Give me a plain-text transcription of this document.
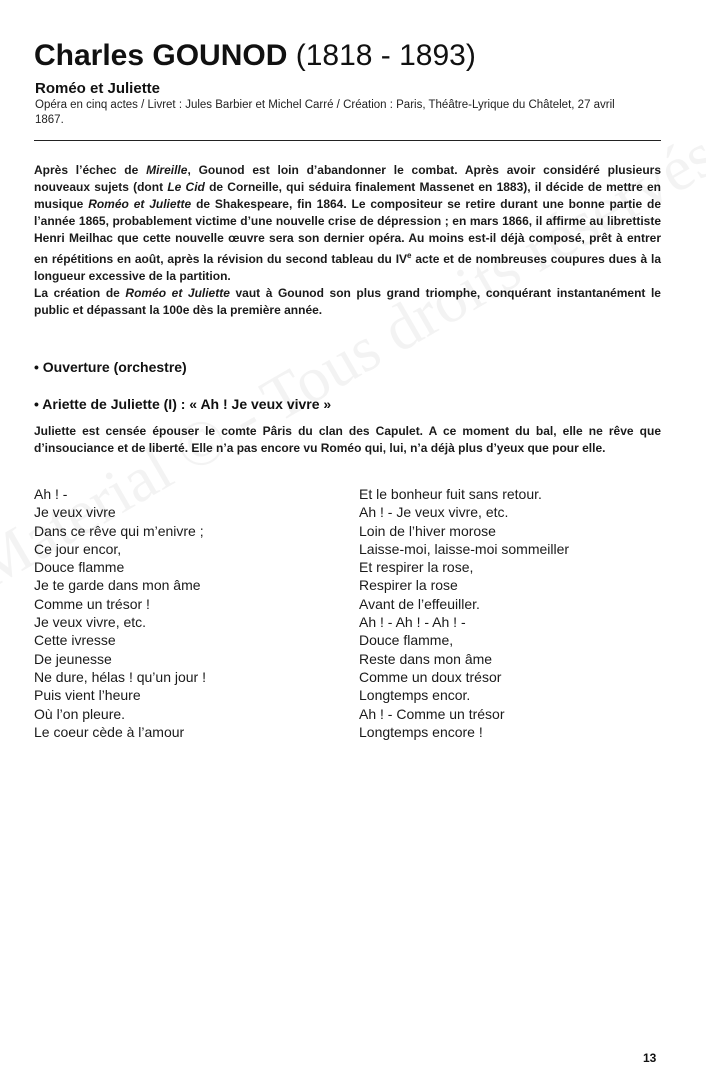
Charles GOUNOD (1818 - 1893)
Roméo et Juliette

Opéra en cinq actes / Livret : Jules Barbier et Michel Carré / Création : Paris, Théâtre-Lyrique du Châtelet, 27 avril 1867.

Après l’échec de Mireille, Gounod est loin d’abandonner le combat. Après avoir considéré plusieurs nouveaux sujets (dont Le Cid de Corneille, qui séduira finalement Massenet en 1883), il décide de mettre en musique Roméo et Juliette de Shakespeare, fin 1864. Le compositeur se retire durant une bonne partie de l’année 1865, probablement victime d’une nouvelle crise de dépression ; en mars 1866, il affirme au librettiste Henri Meilhac que cette nouvelle œuvre sera son dernier opéra. Au moins est-il déjà composé, prêt à entrer en répétitions en août, après la révision du second tableau du IVe acte et de nombreuses coupures dues à la longueur excessive de la partition.

La création de Roméo et Juliette vaut à Gounod son plus grand triomphe, conquérant instantanément le public et dépassant la 100e dès la première année.

• Ouverture (orchestre)
• Ariette de Juliette (I) : « Ah ! Je veux vivre »

Juliette est censée épouser le comte Pâris du clan des Capulet. A ce moment du bal, elle ne rêve que d’insouciance et de liberté. Elle n’a pas encore vu Roméo qui, lui, n’a déjà plus d’yeux que pour elle.

Ah ! -
Je veux vivre
Dans ce rêve qui m’enivre ;
Ce jour encor,
Douce flamme
Je te garde dans mon âme
Comme un trésor !
Je veux vivre, etc.
Cette ivresse
De jeunesse
Ne dure, hélas ! qu’un jour !
Puis vient l’heure
Où l’on pleure.
Le coeur cède à l’amour
Et le bonheur fuit sans retour.
Ah ! - Je veux vivre, etc.
Loin de l’hiver morose
Laisse-moi, laisse-moi sommeiller
Et respirer la rose,
Respirer la rose
Avant de l’effeuiller.
Ah ! - Ah ! - Ah ! -
Douce flamme,
Reste dans mon âme
Comme un doux trésor
Longtemps encor.
Ah ! - Comme un trésor
Longtemps encore !
13
